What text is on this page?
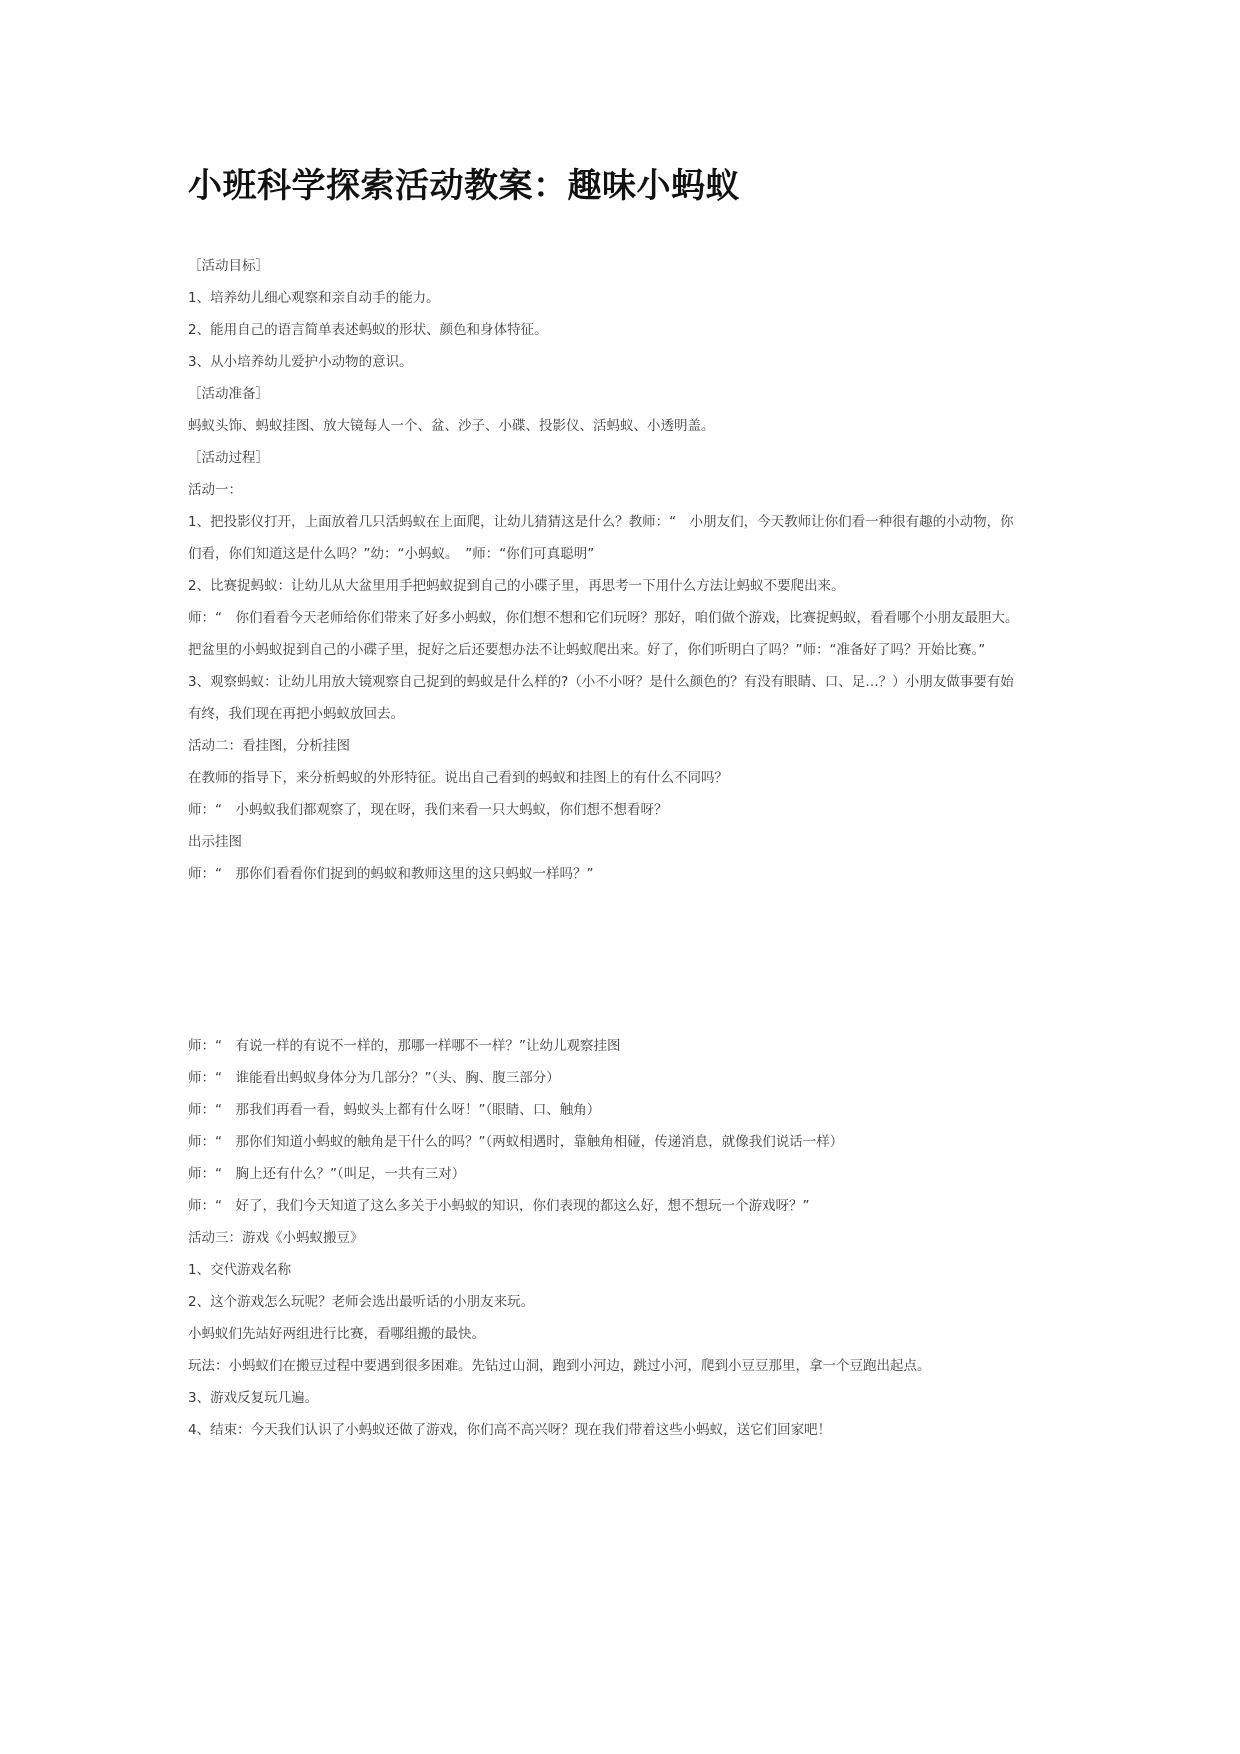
小班科学探索活动教案：趣味小蚂蚁

［活动目标］

1、培养幼儿细心观察和亲自动手的能力。

2、能用自己的语言简单表述蚂蚁的形状、颜色和身体特征。

3、从小培养幼儿爱护小动物的意识。

［活动准备］

蚂蚁头饰、蚂蚁挂图、放大镜每人一个、盆、沙子、小碟、投影仪、活蚂蚁、小透明盖。

［活动过程］

活动一：

1、把投影仪打开，上面放着几只活蚂蚁在上面爬，让幼儿猜猜这是什么？教师：“　小朋友们，今天教师让你们看一种很有趣的小动物，你

们看，你们知道这是什么吗？”幼：“小蚂蚁。　”师：“你们可真聪明”

2、比赛捉蚂蚁：让幼儿从大盆里用手把蚂蚁捉到自己的小碟子里，再思考一下用什么方法让蚂蚁不要爬出来。

师：“　你们看看今天老师给你们带来了好多小蚂蚁，你们想不想和它们玩呀？那好，咱们做个游戏，比赛捉蚂蚁，看看哪个小朋友最胆大。

把盆里的小蚂蚁捉到自己的小碟子里，捉好之后还要想办法不让蚂蚁爬出来。好了，你们听明白了吗？”师：“准备好了吗？开始比赛。”

3、观察蚂蚁：让幼儿用放大镜观察自己捉到的蚂蚁是什么样的?（小不小呀？是什么颜色的？有没有眼睛、口、足…？）小朋友做事要有始

有终，我们现在再把小蚂蚁放回去。

活动二：看挂图，分析挂图

在教师的指导下，来分析蚂蚁的外形特征。说出自己看到的蚂蚁和挂图上的有什么不同吗？

师：“　小蚂蚁我们都观察了，现在呀，我们来看一只大蚂蚁，你们想不想看呀？

出示挂图

师：“　那你们看看你们捉到的蚂蚁和教师这里的这只蚂蚁一样吗？”

师：“　有说一样的有说不一样的，那哪一样哪不一样？”让幼儿观察挂图

师：“　谁能看出蚂蚁身体分为几部分？”（头、胸、腹三部分）

师：“　那我们再看一看，蚂蚁头上都有什么呀！”（眼睛、口、触角）

师：“　那你们知道小蚂蚁的触角是干什么的吗？”（两蚁相遇时，靠触角相碰，传递消息，就像我们说话一样）

师：“　胸上还有什么？”（叫足，一共有三对）

师：“　好了，我们今天知道了这么多关于小蚂蚁的知识，你们表现的都这么好，想不想玩一个游戏呀？”

活动三：游戏《小蚂蚁搬豆》

1、交代游戏名称

2、这个游戏怎么玩呢？老师会选出最听话的小朋友来玩。

小蚂蚁们先站好两组进行比赛，看哪组搬的最快。

玩法：小蚂蚁们在搬豆过程中要遇到很多困难。先钻过山洞，跑到小河边，跳过小河，爬到小豆豆那里，拿一个豆跑出起点。

3、游戏反复玩几遍。

4、结束：今天我们认识了小蚂蚁还做了游戏，你们高不高兴呀？现在我们带着这些小蚂蚁，送它们回家吧！
